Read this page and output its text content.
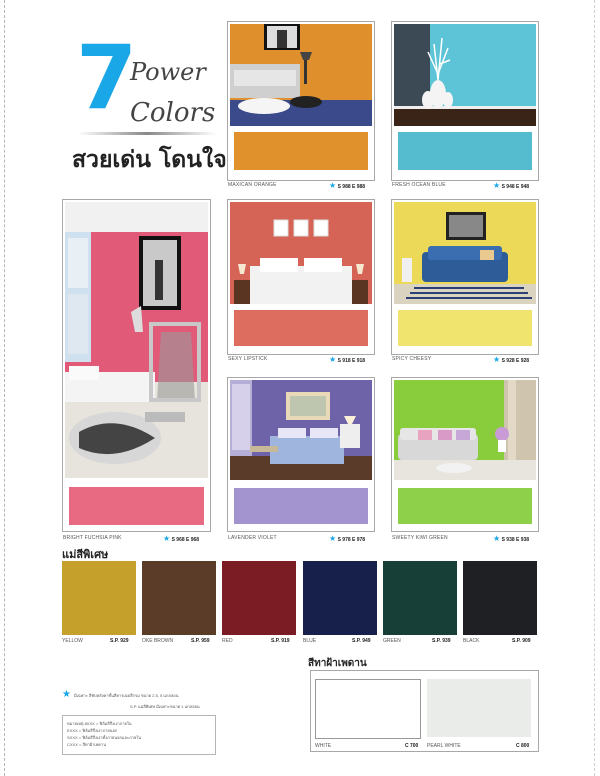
7
Power
Colors
สวยเด่น โดนใจ
MAXICAN ORANGE	★ S 988 E 988	FRESH OCEAN BLUE	★ S 948 E 948
BRIGHT FUCHSIA PINK	★ S 968 E 968
SEXY LIPSTICK	★ S 918 E 918	SPICY CHEESY	★ S 928 E 928
LAVENDER VIOLET	★ S 978 E 978	SWEETY KIWI GREEN	★ S 938 E 938
แม่สีพิเศษ
YELLOW	S.P. 929	OKE BROWN	S.P. 959 RED	S.P. 919	BLUE	S.P. 949 GREEN	S.P. 939 BLACK	S.P. 909
สีทาฝ้าเพดาน
WHITE	C 700 PEARL WHITE	C 800
★ มีเฉพาะ สีทับหลังคาชั้นสีคารเฉดสีกรม ขนาด 2.5, 5 แกลลอน
S.P. แม่สีพิเศษ มีเฉพาะขนาด 1 แกลลอน
หมายเหตุ 8XXX = ฟิล์มสีกึ่งเงาภายใน
EXXX = ฟิล์มสีกึ่งเงาภายนอก
SXXX = ฟิล์มสีกึ่งเงาทั้งภายนอกและภายใน
CXXX = สีทาฝ้าเพดาน
